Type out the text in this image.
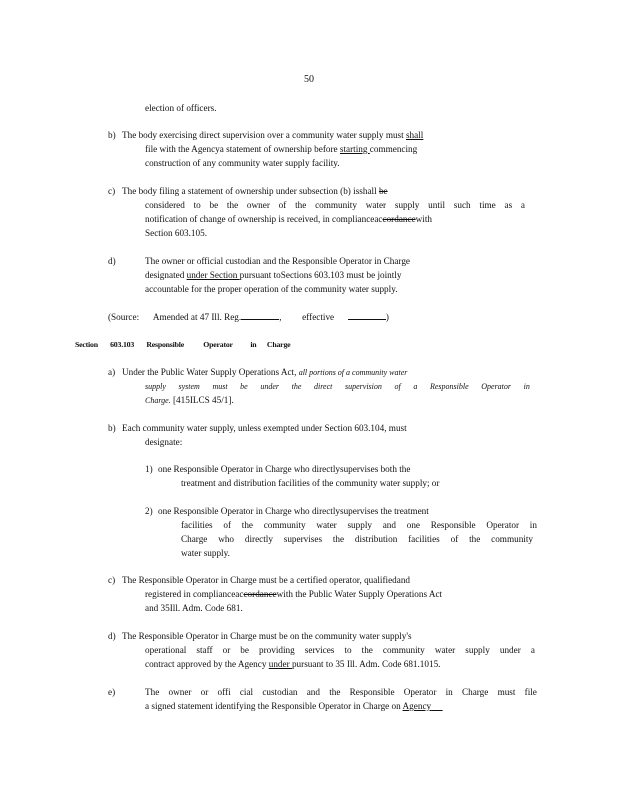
50
election of officers.
b) The body exercising direct supervision over a community water supply must shall
file with the Agencya statement of ownership before starting commencing
construction of any community water supply facility.
c) The body filing a statement of ownership under subsection (b) isshall be
considered to be the owner of the community water supply until such time as a
notification of change of ownership is received, in complianceaccordancewith
Section 603.105.
d)	The owner or official custodian and the Responsible Operator in Charge
designated under Section pursuant toSections 603.103 must be jointly
accountable for the proper operation of the community water supply.
(Source: Amended at 47 Ill. Reg.	,         effective	)
Section 603.103 Responsible Operator in Charge
a) Under the Public Water Supply Operations Act, all portions of a community water
supply system must be under the direct supervision of a Responsible Operator in
Charge. [415ILCS 45/1].
b) Each community water supply, unless exempted under Section 603.104, must
designate:
1) one Responsible Operator in Charge who directlysupervises both the
treatment and distribution facilities of the community water supply; or
2) one Responsible Operator in Charge who directlysupervises the treatment
facilities of the community water supply and one Responsible Operator in
Charge who directly supervises the distribution facilities of the community
water supply.
c) The Responsible Operator in Charge must be a certified operator, qualifiedand
registered in complianceaccordancewith the Public Water Supply Operations Act
and 35Ill. Adm. Code 681.
d) The Responsible Operator in Charge must be on the community water supply's
operational staff or be providing services to the community water supply under a
contract approved by the Agency under pursuant to 35 Ill. Adm. Code 681.1015.
e)	The owner or offi cial custodian and the Responsible Operator in Charge must file
a signed statement identifying the Responsible Operator in Charge on Agency
